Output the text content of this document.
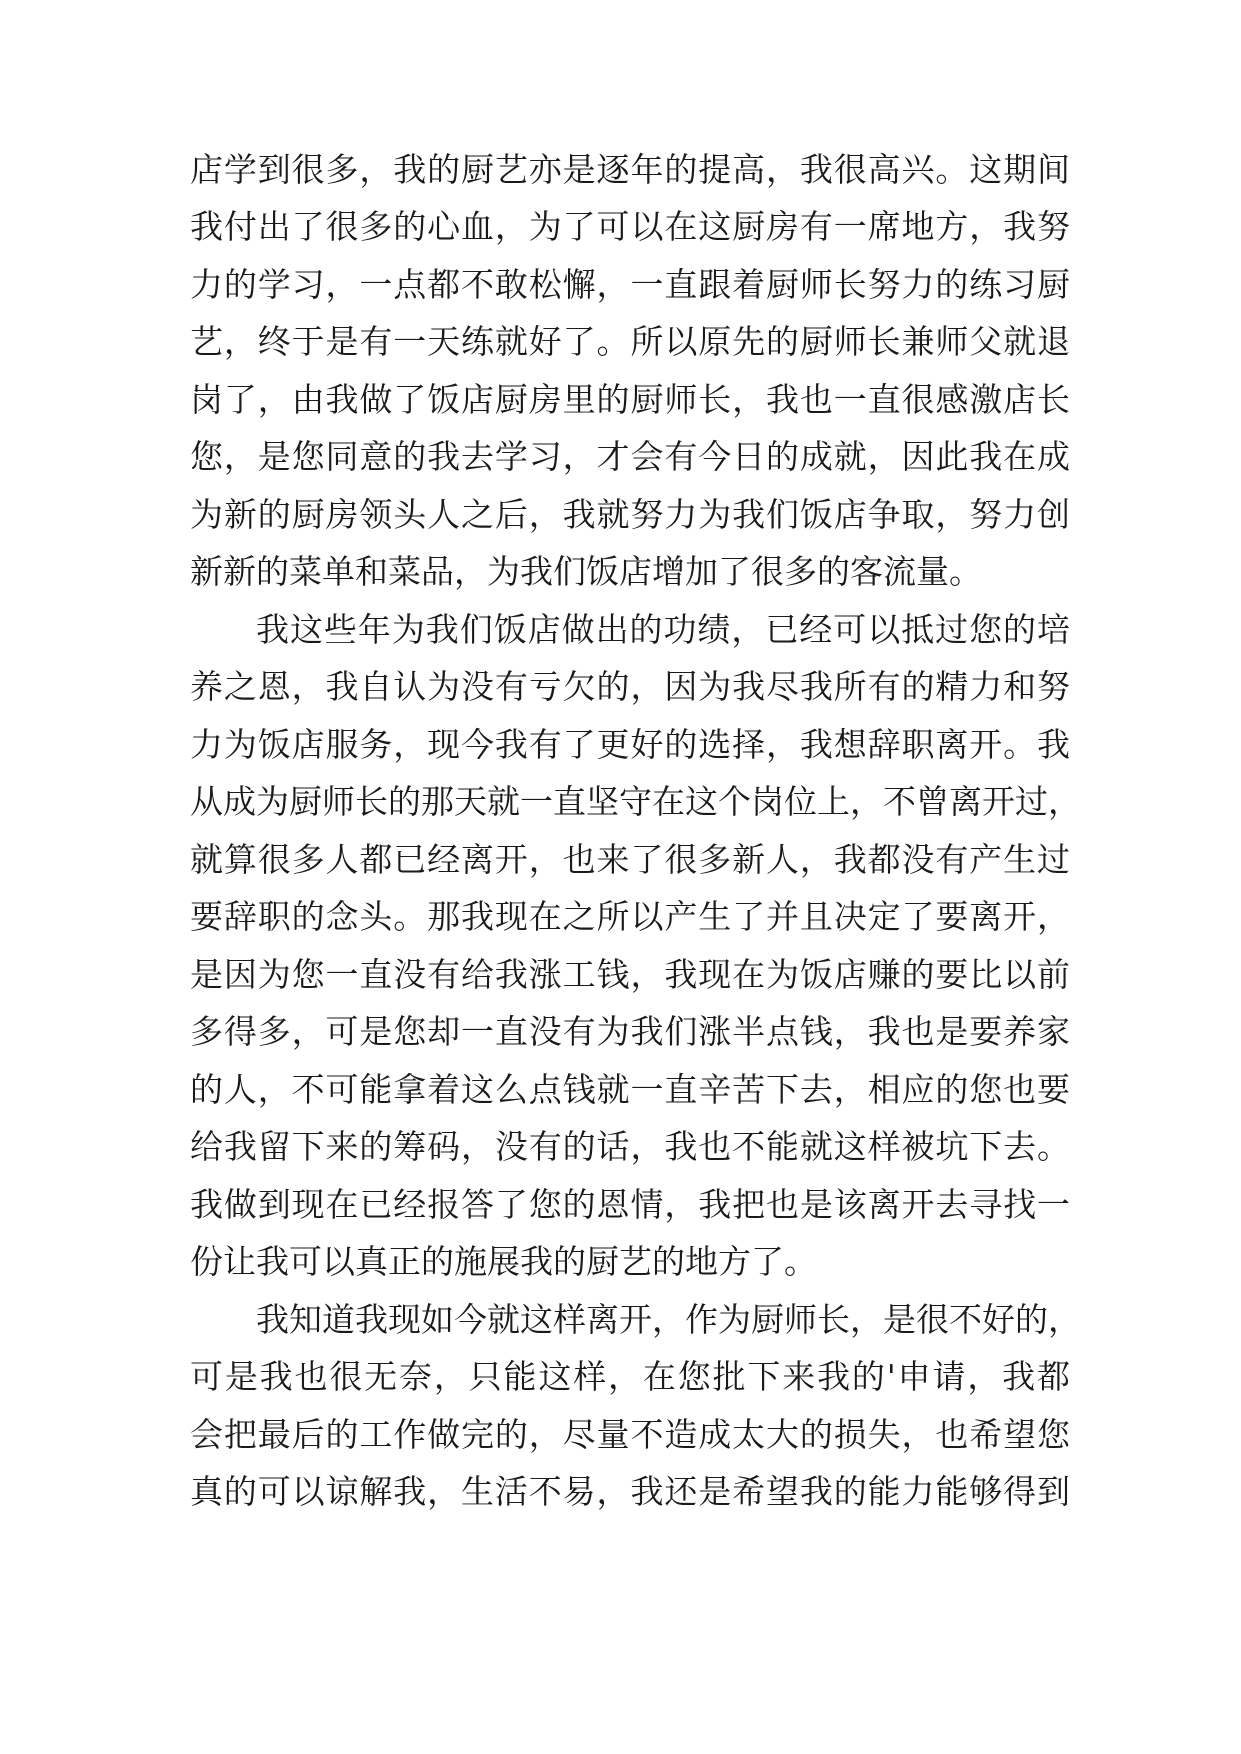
店学到很多，我的厨艺亦是逐年的提高，我很高兴。这期间
我付出了很多的心血，为了可以在这厨房有一席地方，我努
力的学习，一点都不敢松懈，一直跟着厨师长努力的练习厨
艺，终于是有一天练就好了。所以原先的厨师长兼师父就退
岗了，由我做了饭店厨房里的厨师长，我也一直很感激店长
您，是您同意的我去学习，才会有今日的成就，因此我在成
为新的厨房领头人之后，我就努力为我们饭店争取，努力创
新新的菜单和菜品，为我们饭店增加了很多的客流量。
我这些年为我们饭店做出的功绩，已经可以抵过您的培
养之恩，我自认为没有亏欠的，因为我尽我所有的精力和努
力为饭店服务，现今我有了更好的选择，我想辞职离开。我
从成为厨师长的那天就一直坚守在这个岗位上，不曾离开过，
就算很多人都已经离开，也来了很多新人，我都没有产生过
要辞职的念头。那我现在之所以产生了并且决定了要离开，
是因为您一直没有给我涨工钱，我现在为饭店赚的要比以前
多得多，可是您却一直没有为我们涨半点钱，我也是要养家
的人，不可能拿着这么点钱就一直辛苦下去，相应的您也要
给我留下来的筹码，没有的话，我也不能就这样被坑下去。
我做到现在已经报答了您的恩情，我把也是该离开去寻找一
份让我可以真正的施展我的厨艺的地方了。
我知道我现如今就这样离开，作为厨师长，是很不好的，
可是我也很无奈，只能这样，在您批下来我的'申请，我都
会把最后的工作做完的，尽量不造成太大的损失，也希望您
真的可以谅解我，生活不易，我还是希望我的能力能够得到
